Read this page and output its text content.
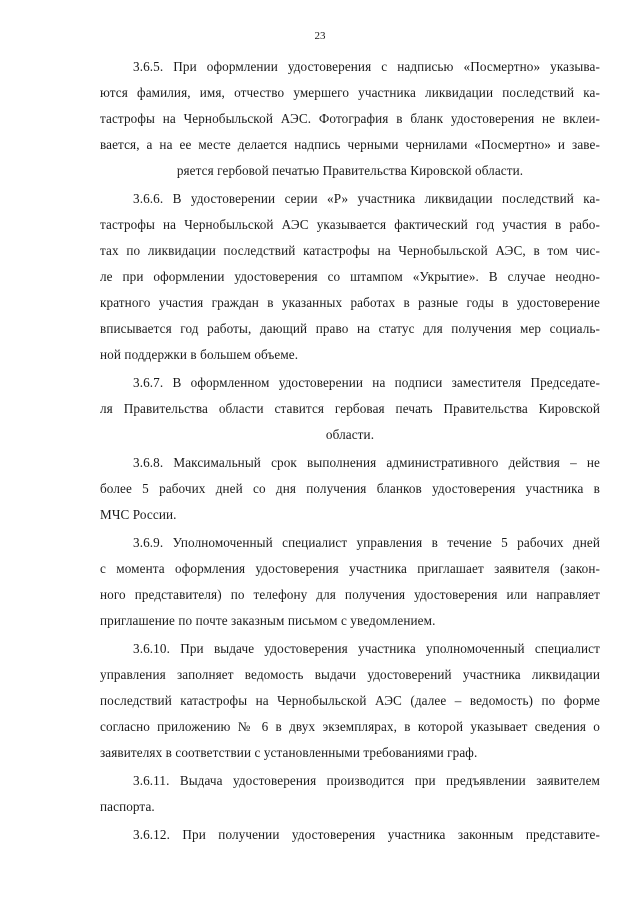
23
3.6.5. При оформлении удостоверения с надписью «Посмертно» указыва-
ются фамилия, имя, отчество умершего участника ликвидации последствий ка-
тастрофы на Чернобыльской АЭС. Фотография в бланк удостоверения не вклеи-
вается, а на ее месте делается надпись черными чернилами «Посмертно» и заве-
ряется гербовой печатью Правительства Кировской области.
3.6.6. В удостоверении серии «Р» участника ликвидации последствий ка-
тастрофы на Чернобыльской АЭС указывается фактический год участия в рабо-
тах по ликвидации последствий катастрофы на Чернобыльской АЭС, в том чис-
ле при оформлении удостоверения со штампом «Укрытие». В случае неодно-
кратного участия граждан в указанных работах в разные годы в удостоверение
вписывается год работы, дающий право на статус для получения мер социаль-
ной поддержки в большем объеме.
3.6.7. В оформленном удостоверении на подписи заместителя Председате-
ля Правительства области ставится гербовая печать Правительства Кировской
области.
3.6.8. Максимальный срок выполнения административного действия – не
более 5 рабочих дней со дня получения бланков удостоверения участника в
МЧС России.
3.6.9. Уполномоченный специалист управления в течение 5 рабочих дней
с момента оформления удостоверения участника приглашает заявителя (закон-
ного представителя) по телефону для получения удостоверения или направляет
приглашение по почте заказным письмом с уведомлением.
3.6.10. При выдаче удостоверения участника уполномоченный специалист
управления заполняет ведомость выдачи удостоверений участника ликвидации
последствий катастрофы на Чернобыльской АЭС (далее – ведомость) по форме
согласно приложению № 6 в двух экземплярах, в которой указывает сведения о
заявителях в соответствии с установленными требованиями граф.
3.6.11. Выдача удостоверения производится при предъявлении заявителем
паспорта.
3.6.12. При получении удостоверения участника законным представите-
